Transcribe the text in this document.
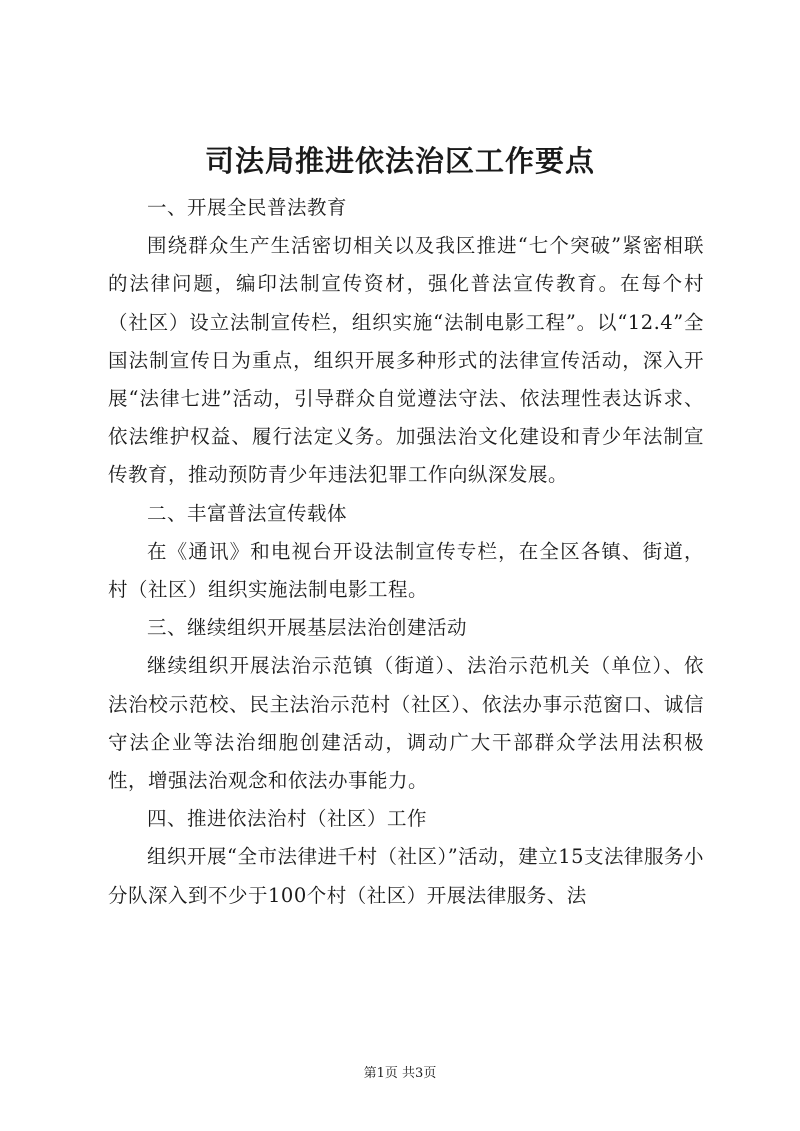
司法局推进依法治区工作要点

一、开展全民普法教育

围绕群众生产生活密切相关以及我区推进“七个突破”紧密相联的法律问题，编印法制宣传资材，强化普法宣传教育。在每个村（社区）设立法制宣传栏，组织实施“法制电影工程”。以“12.4”全国法制宣传日为重点，组织开展多种形式的法律宣传活动，深入开展“法律七进”活动，引导群众自觉遵法守法、依法理性表达诉求、依法维护权益、履行法定义务。加强法治文化建设和青少年法制宣传教育，推动预防青少年违法犯罪工作向纵深发展。

二、丰富普法宣传载体

在《通讯》和电视台开设法制宣传专栏，在全区各镇、街道，村（社区）组织实施法制电影工程。

三、继续组织开展基层法治创建活动

继续组织开展法治示范镇（街道）、法治示范机关（单位）、依法治校示范校、民主法治示范村（社区）、依法办事示范窗口、诚信守法企业等法治细胞创建活动，调动广大干部群众学法用法积极性，增强法治观念和依法办事能力。

四、推进依法治村（社区）工作

组织开展“全市法律进千村（社区）”活动，建立15支法律服务小分队深入到不少于100个村（社区）开展法律服务、法

第1页 共3页
